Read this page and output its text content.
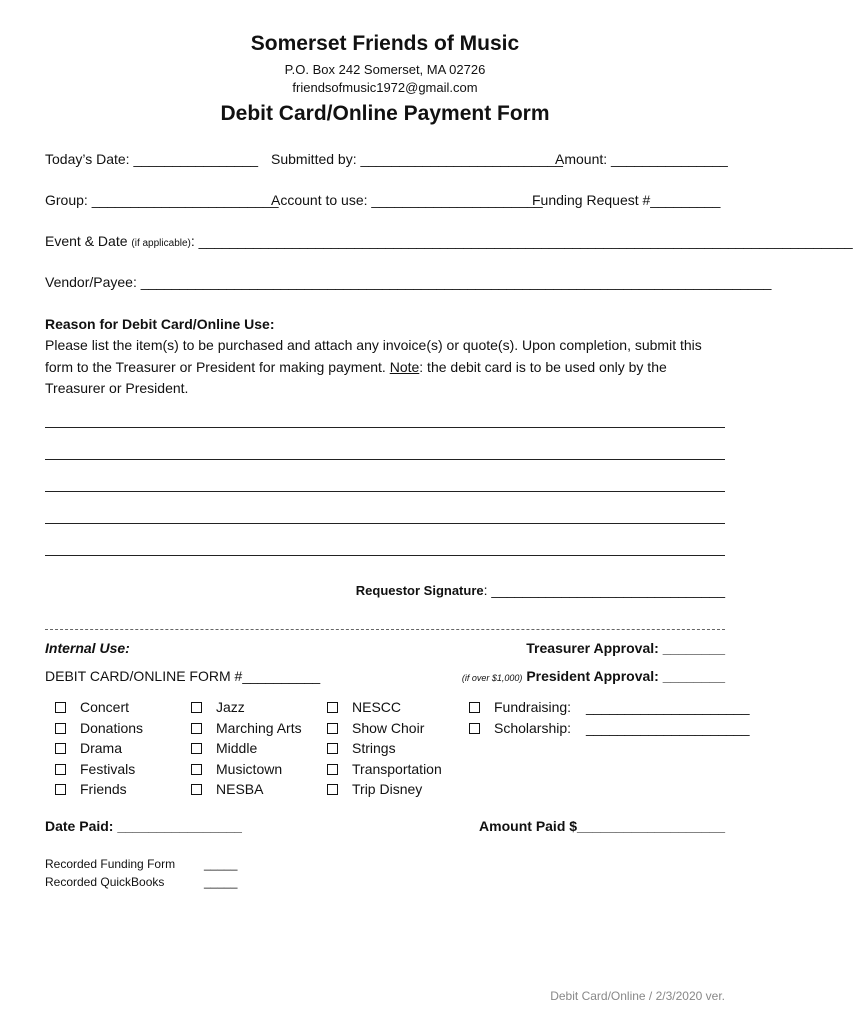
Somerset Friends of Music
P.O. Box 242 Somerset, MA 02726
friendsofmusic1972@gmail.com
Debit Card/Online Payment Form
Today’s Date: ________________ Submitted by: __________________________
Amount: _______________
Group: ________________________
Account to use: ______________________
Funding Request #_________
Event & Date (if applicable): ____________________________________________________________________________________
Vendor/Payee: _________________________________________________________________________________
Reason for Debit Card/Online Use:
Please list the item(s) to be purchased and attach any invoice(s) or quote(s). Upon completion, submit this form to the Treasurer or President for making payment. Note: the debit card is to be used only by the Treasurer or President.
Requestor Signature: ______________________________
Internal Use:	Treasurer Approval: ________
DEBIT CARD/ONLINE FORM #__________	(if over $1,000) President Approval: ________
Concert
Donations
Drama
Festivals
Friends
Jazz
Marching Arts
Middle
Musictown
NESBA
NESCC
Show Choir
Strings
Transportation
Trip Disney
Fundraising: _____________________
Scholarship: _____________________
Date Paid: ________________	Amount Paid $___________________
Recorded Funding Form _____
Recorded QuickBooks	_____
Debit Card/Online / 2/3/2020 ver.
